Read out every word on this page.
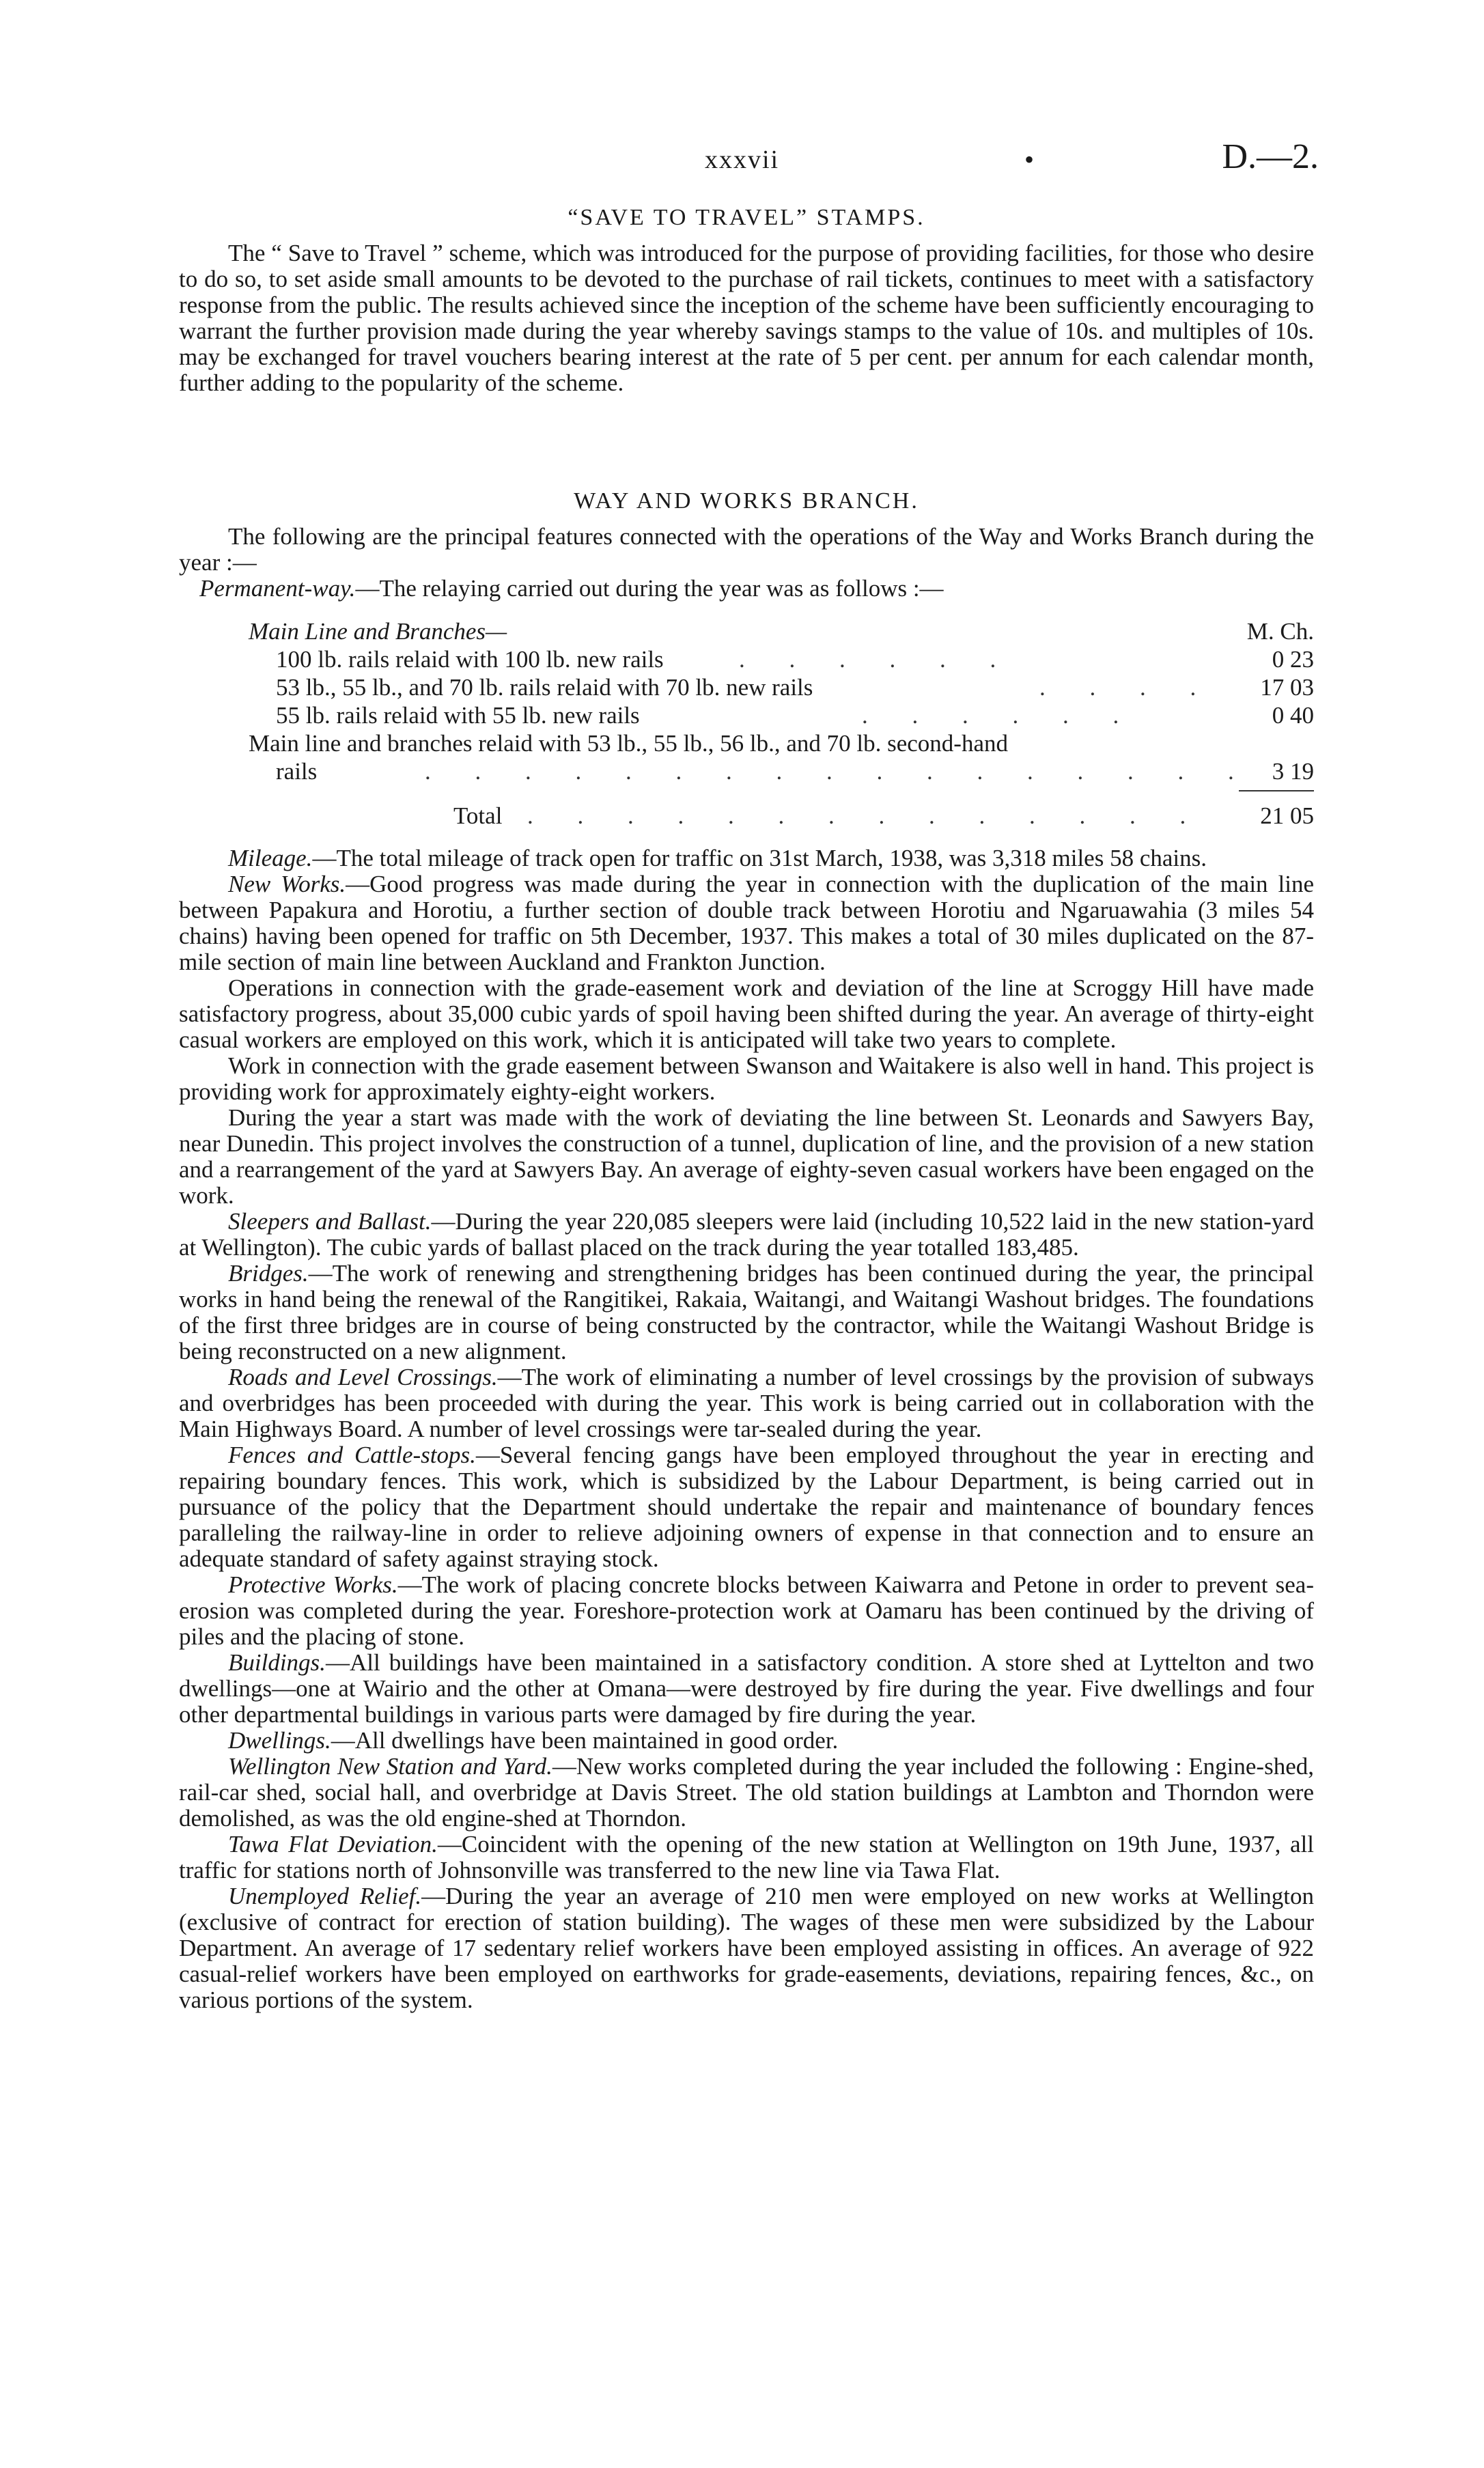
xxxvii	•	D.—2.

“SAVE TO TRAVEL” STAMPS.

The “ Save to Travel ” scheme, which was introduced for the purpose of providing facilities, for those who desire to do so, to set aside small amounts to be devoted to the purchase of rail tickets, continues to meet with a satisfactory response from the public. The results achieved since the inception of the scheme have been sufficiently encouraging to warrant the further provision made during the year whereby savings stamps to the value of 10s. and multiples of 10s. may be exchanged for travel vouchers bearing interest at the rate of 5 per cent. per annum for each calendar month, further adding to the popularity of the scheme.

WAY AND WORKS BRANCH.

The following are the principal features connected with the operations of the Way and Works Branch during the year :—

Permanent-way.—The relaying carried out during the year was as follows :—

Main Line and Branches—	M. Ch.
100 lb. rails relaid with 100 lb. new rails	. . . . . .	0 23
53 lb., 55 lb., and 70 lb. rails relaid with 70 lb. new rails	. . . .	17 03
55 lb. rails relaid with 55 lb. new rails	. . . . . .	0 40
Main line and branches relaid with 53 lb., 55 lb., 56 lb., and 70 lb. second-hand
rails	. . . . . . . . . . . . . . . . . 3 19
Total . . . . . . . . . . . . . .	21 05

Mileage.—The total mileage of track open for traffic on 31st March, 1938, was 3,318 miles 58 chains.

New Works.—Good progress was made during the year in connection with the duplication of the main line between Papakura and Horotiu, a further section of double track between Horotiu and Ngaruawahia (3 miles 54 chains) having been opened for traffic on 5th December, 1937. This makes a total of 30 miles duplicated on the 87-mile section of main line between Auckland and Frankton Junction.

Operations in connection with the grade-easement work and deviation of the line at Scroggy Hill have made satisfactory progress, about 35,000 cubic yards of spoil having been shifted during the year. An average of thirty-eight casual workers are employed on this work, which it is anticipated will take two years to complete.

Work in connection with the grade easement between Swanson and Waitakere is also well in hand. This project is providing work for approximately eighty-eight workers.

During the year a start was made with the work of deviating the line between St. Leonards and Sawyers Bay, near Dunedin. This project involves the construction of a tunnel, duplication of line, and the provision of a new station and a rearrangement of the yard at Sawyers Bay. An average of eighty-seven casual workers have been engaged on the work.

Sleepers and Ballast.—During the year 220,085 sleepers were laid (including 10,522 laid in the new station-yard at Wellington). The cubic yards of ballast placed on the track during the year totalled 183,485.

Bridges.—The work of renewing and strengthening bridges has been continued during the year, the principal works in hand being the renewal of the Rangitikei, Rakaia, Waitangi, and Waitangi Washout bridges. The foundations of the first three bridges are in course of being constructed by the contractor, while the Waitangi Washout Bridge is being reconstructed on a new alignment.

Roads and Level Crossings.—The work of eliminating a number of level crossings by the provision of subways and overbridges has been proceeded with during the year. This work is being carried out in collaboration with the Main Highways Board. A number of level crossings were tar-sealed during the year.

Fences and Cattle-stops.—Several fencing gangs have been employed throughout the year in erecting and repairing boundary fences. This work, which is subsidized by the Labour Department, is being carried out in pursuance of the policy that the Department should undertake the repair and maintenance of boundary fences paralleling the railway-line in order to relieve adjoining owners of expense in that connection and to ensure an adequate standard of safety against straying stock.

Protective Works.—The work of placing concrete blocks between Kaiwarra and Petone in order to prevent sea-erosion was completed during the year. Foreshore-protection work at Oamaru has been continued by the driving of piles and the placing of stone.

Buildings.—All buildings have been maintained in a satisfactory condition. A store shed at Lyttelton and two dwellings—one at Wairio and the other at Omana—were destroyed by fire during the year. Five dwellings and four other departmental buildings in various parts were damaged by fire during the year.

Dwellings.—All dwellings have been maintained in good order.

Wellington New Station and Yard.—New works completed during the year included the following : Engine-shed, rail-car shed, social hall, and overbridge at Davis Street. The old station buildings at Lambton and Thorndon were demolished, as was the old engine-shed at Thorndon.

Tawa Flat Deviation.—Coincident with the opening of the new station at Wellington on 19th June, 1937, all traffic for stations north of Johnsonville was transferred to the new line via Tawa Flat.

Unemployed Relief.—During the year an average of 210 men were employed on new works at Wellington (exclusive of contract for erection of station building). The wages of these men were subsidized by the Labour Department. An average of 17 sedentary relief workers have been employed assisting in offices. An average of 922 casual-relief workers have been employed on earthworks for grade-easements, deviations, repairing fences, &c., on various portions of the system.
